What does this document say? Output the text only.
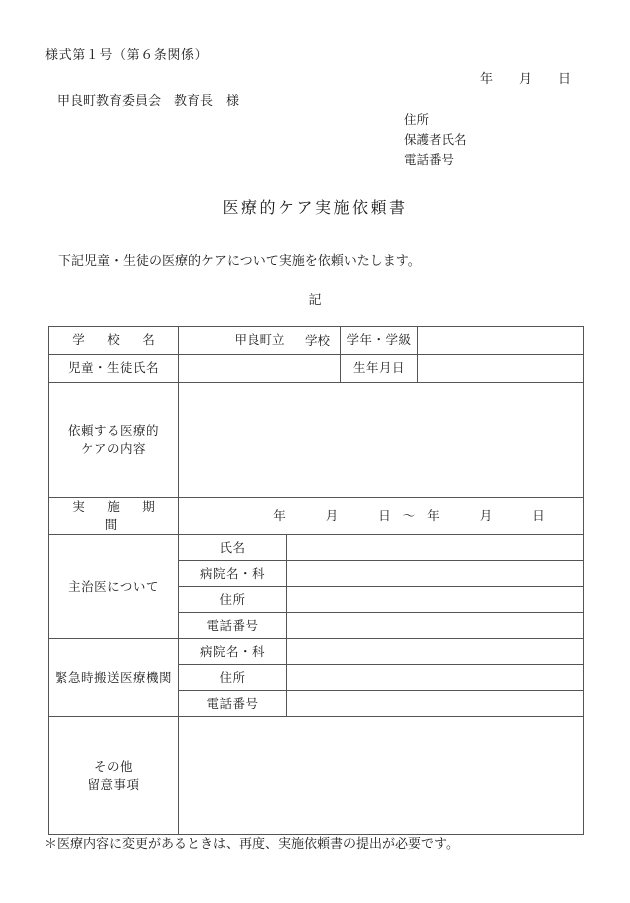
様式第１号（第６条関係）
年 月 日
甲良町教育委員会　教育長　様
住所
保護者氏名
電話番号
医療的ケア実施依頼書
下記児童・生徒の医療的ケアについて実施を依頼いたします。
記
学　校　名	甲良町立 学校		学年・学級	
児童・生徒氏名			生年月日	

依頼する医療的
ケアの内容				

実　施　期　間	年 月 日 ～ 年 月 日			
主治医について	氏名			
	病院名・科			
	住所			
	電話番号			
緊急時搬送医療機関	病院名・科			
	住所			
	電話番号			

その他
留意事項				

＊医療内容に変更があるときは、再度、実施依頼書の提出が必要です。
